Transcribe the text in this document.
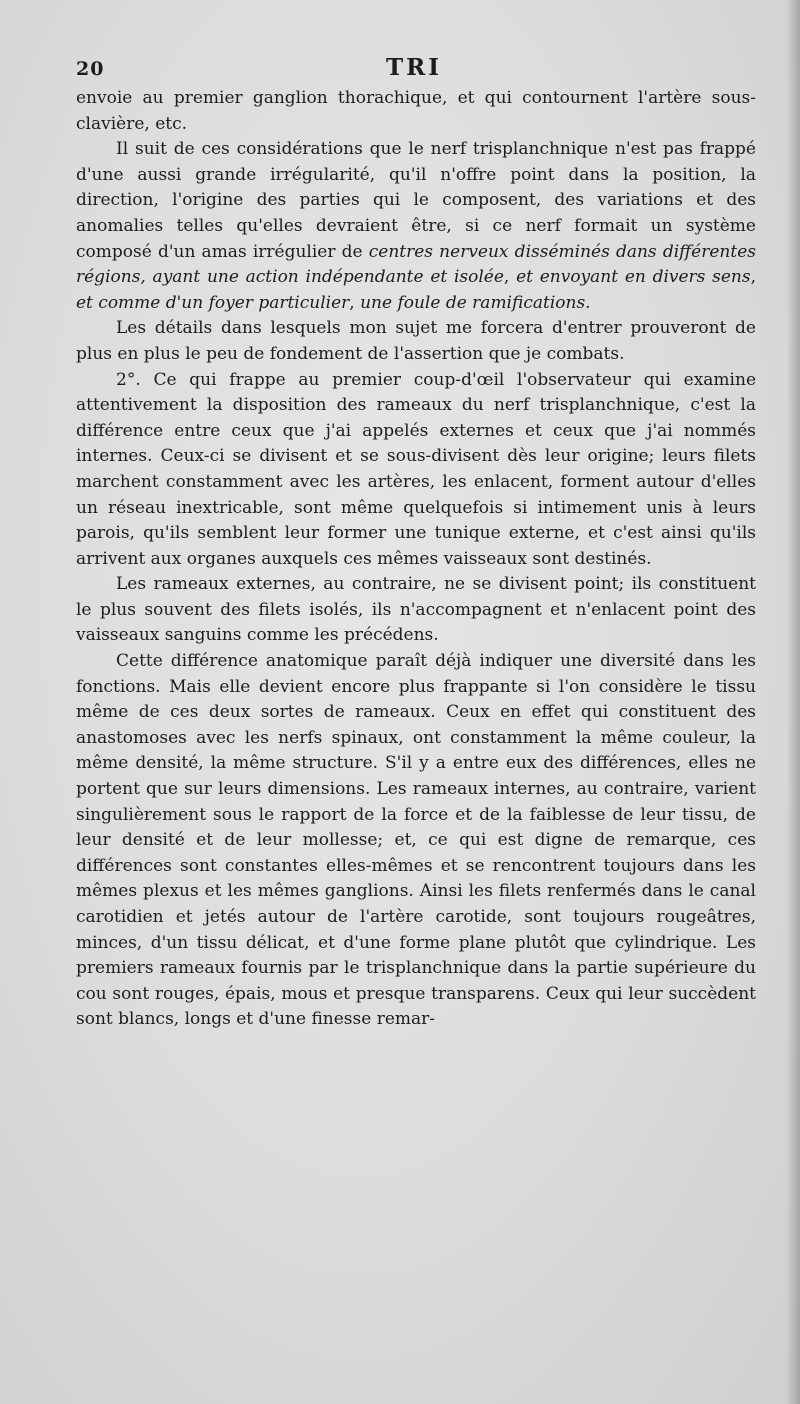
20	TRI

envoie au premier ganglion thorachique, et qui contournent l'artère sous-clavière, etc.

Il suit de ces considérations que le nerf trisplanchnique n'est pas frappé d'une aussi grande irrégularité, qu'il n'offre point dans la position, la direction, l'origine des parties qui le composent, des variations et des anomalies telles qu'elles devraient être, si ce nerf formait un système composé d'un amas irrégulier de centres nerveux disséminés dans différentes régions, ayant une action indépendante et isolée, et envoyant en divers sens, et comme d'un foyer particulier, une foule de ramifications.

Les détails dans lesquels mon sujet me forcera d'entrer prouveront de plus en plus le peu de fondement de l'assertion que je combats.

2°. Ce qui frappe au premier coup-d'œil l'observateur qui examine attentivement la disposition des rameaux du nerf trisplanchnique, c'est la différence entre ceux que j'ai appelés externes et ceux que j'ai nommés internes. Ceux-ci se divisent et se sous-divisent dès leur origine; leurs filets marchent constamment avec les artères, les enlacent, forment autour d'elles un réseau inextricable, sont même quelquefois si intimement unis à leurs parois, qu'ils semblent leur former une tunique externe, et c'est ainsi qu'ils arrivent aux organes auxquels ces mêmes vaisseaux sont destinés.

Les rameaux externes, au contraire, ne se divisent point; ils constituent le plus souvent des filets isolés, ils n'accompagnent et n'enlacent point des vaisseaux sanguins comme les précédens.

Cette différence anatomique paraît déjà indiquer une diversité dans les fonctions. Mais elle devient encore plus frappante si l'on considère le tissu même de ces deux sortes de rameaux. Ceux en effet qui constituent des anastomoses avec les nerfs spinaux, ont constamment la même couleur, la même densité, la même structure. S'il y a entre eux des différences, elles ne portent que sur leurs dimensions. Les rameaux internes, au contraire, varient singulièrement sous le rapport de la force et de la faiblesse de leur tissu, de leur densité et de leur mollesse; et, ce qui est digne de remarque, ces différences sont constantes elles-mêmes et se rencontrent toujours dans les mêmes plexus et les mêmes ganglions. Ainsi les filets renfermés dans le canal carotidien et jetés autour de l'artère carotide, sont toujours rougeâtres, minces, d'un tissu délicat, et d'une forme plane plutôt que cylindrique. Les premiers rameaux fournis par le trisplanchnique dans la partie supérieure du cou sont rouges, épais, mous et presque transparens. Ceux qui leur succèdent sont blancs, longs et d'une finesse remar-
